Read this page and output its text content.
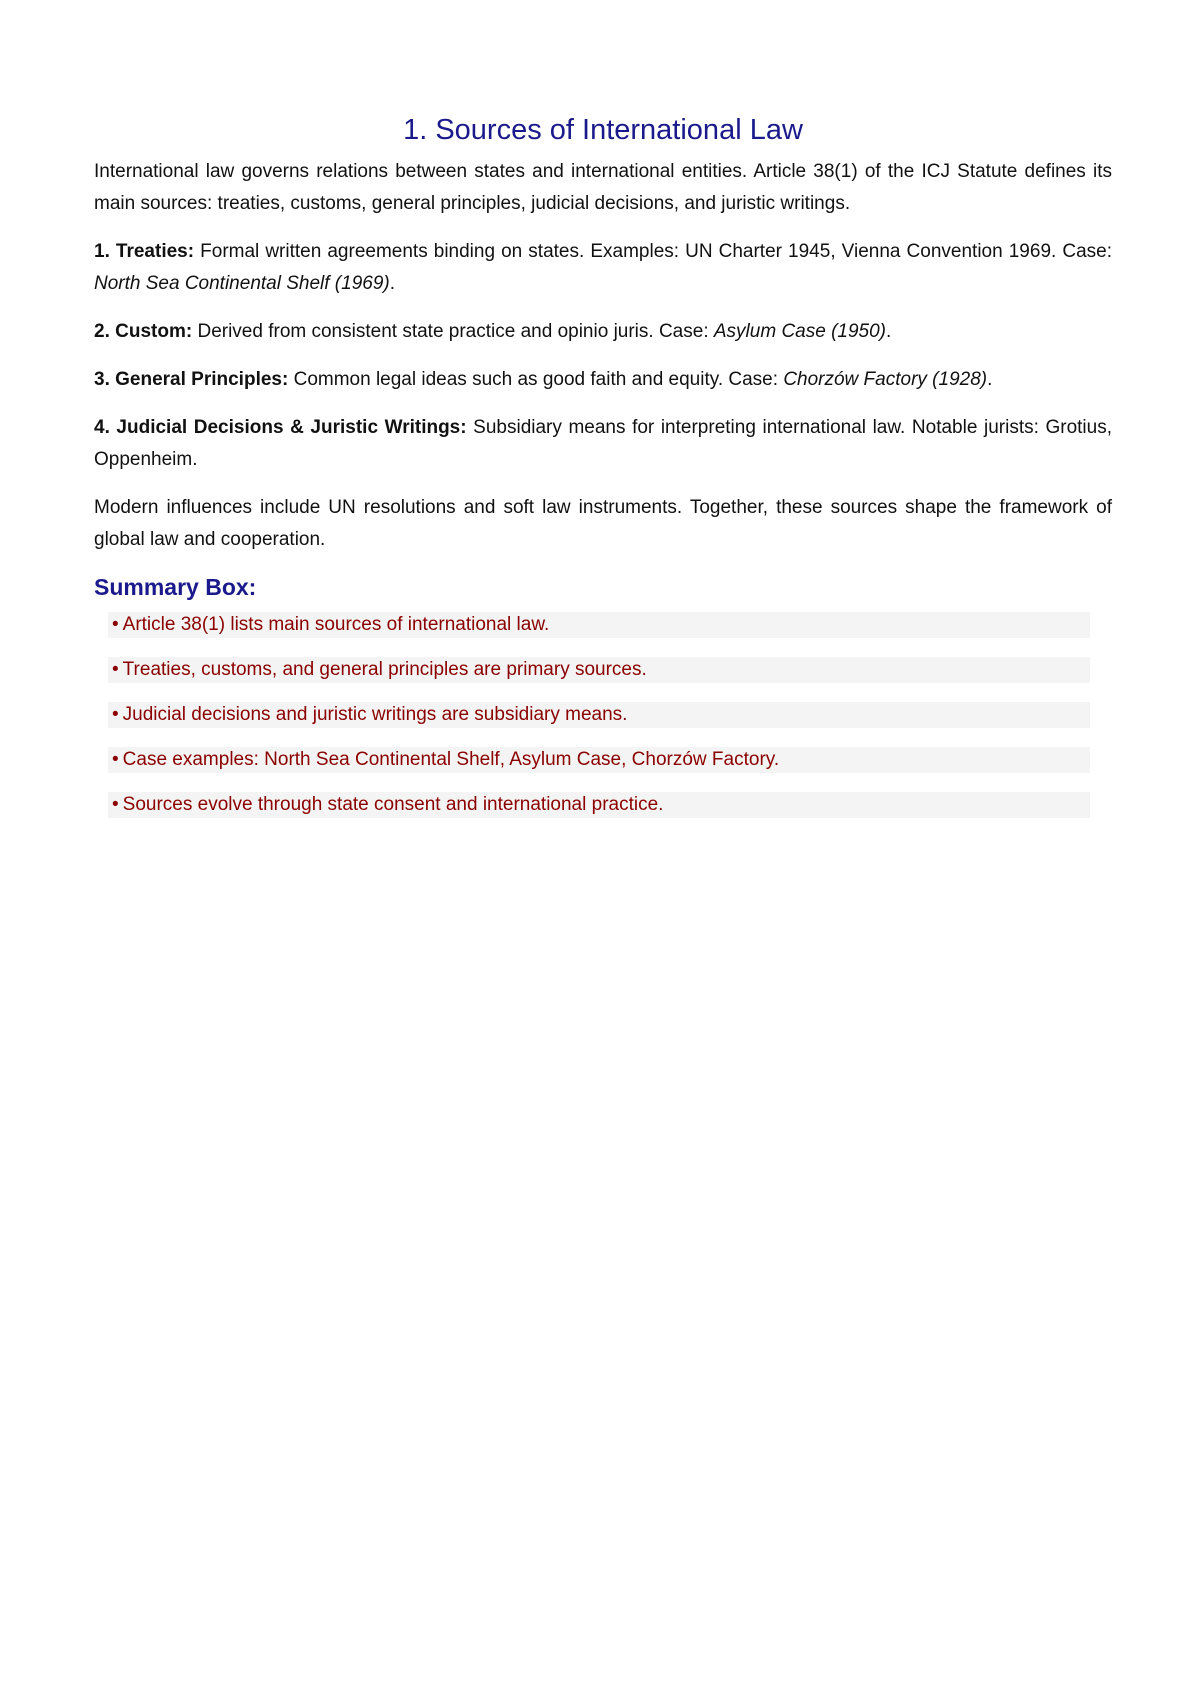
1. Sources of International Law

International law governs relations between states and international entities. Article 38(1) of the ICJ Statute defines its main sources: treaties, customs, general principles, judicial decisions, and juristic writings.

1. Treaties: Formal written agreements binding on states. Examples: UN Charter 1945, Vienna Convention 1969. Case: North Sea Continental Shelf (1969).

2. Custom: Derived from consistent state practice and opinio juris. Case: Asylum Case (1950).

3. General Principles: Common legal ideas such as good faith and equity. Case: Chorzów Factory (1928).

4. Judicial Decisions & Juristic Writings: Subsidiary means for interpreting international law. Notable jurists: Grotius, Oppenheim.

Modern influences include UN resolutions and soft law instruments. Together, these sources shape the framework of global law and cooperation.

Summary Box:
• Article 38(1) lists main sources of international law.
• Treaties, customs, and general principles are primary sources.
• Judicial decisions and juristic writings are subsidiary means.
• Case examples: North Sea Continental Shelf, Asylum Case, Chorzów Factory.
• Sources evolve through state consent and international practice.
